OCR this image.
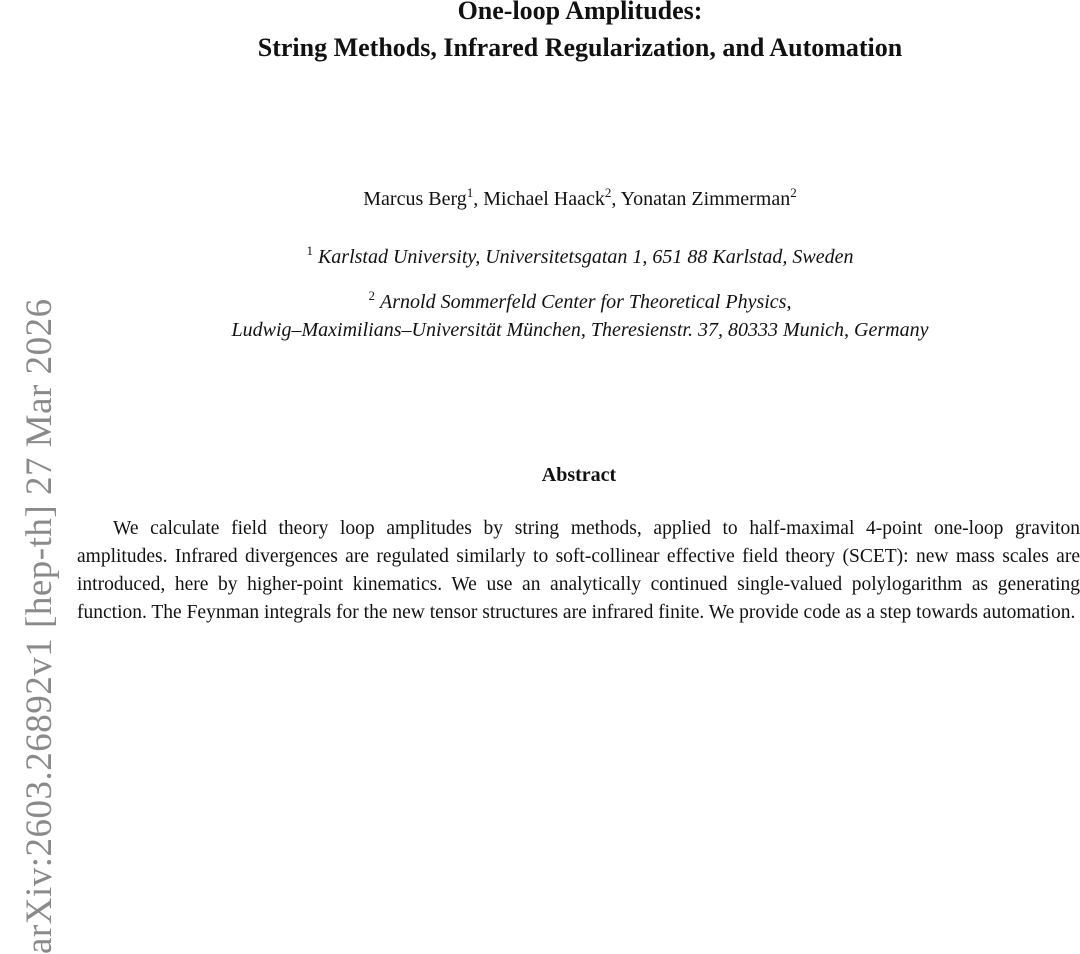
arXiv:2603.26892v1 [hep-th] 27 Mar 2026
One-loop Amplitudes:
String Methods, Infrared Regularization, and Automation
Marcus Berg$^1$, Michael Haack$^2$, Yonatan Zimmerman$^2$
$^1$ Karlstad University, Universitetsgatan 1, 651 88 Karlstad, Sweden
$^2$ Arnold Sommerfeld Center for Theoretical Physics,
Ludwig–Maximilians–Universität München, Theresienstr. 37, 80333 Munich, Germany
Abstract

We calculate field theory loop amplitudes by string methods, applied to half-maximal 4-point one-loop graviton amplitudes. Infrared divergences are regulated similarly to soft-collinear effective field theory (SCET): new mass scales are introduced, here by higher-point kinematics. We use an analytically continued single-valued polylogarithm as generating function. The Feynman integrals for the new tensor structures are infrared finite. We provide code as a step towards automation.
